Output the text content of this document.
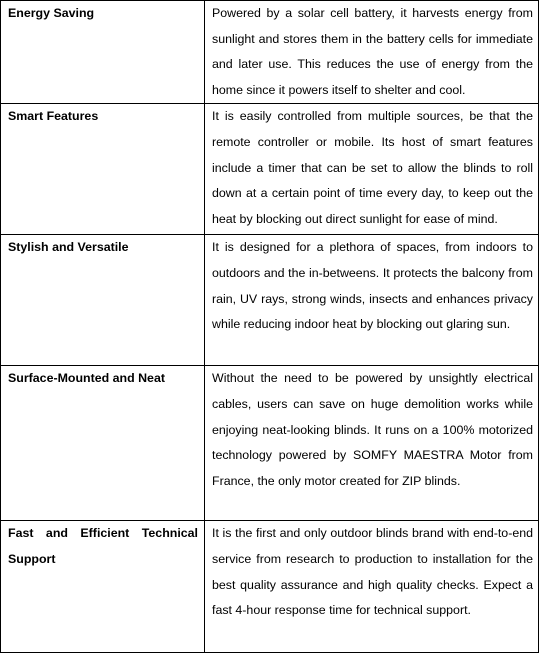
Energy Saving	Powered by a solar cell battery, it harvests energy from sunlight and stores them in the battery cells for immediate and later use. This reduces the use of energy from the home since it powers itself to shelter and cool.
Smart Features	It is easily controlled from multiple sources, be that the remote controller or mobile. Its host of smart features include a timer that can be set to allow the blinds to roll down at a certain point of time every day, to keep out the heat by blocking out direct sunlight for ease of mind.
Stylish and Versatile	It is designed for a plethora of spaces, from indoors to outdoors and the in-betweens. It protects the balcony from rain, UV rays, strong winds, insects and enhances privacy while reducing indoor heat by blocking out glaring sun.
Surface-Mounted and Neat	Without the need to be powered by unsightly electrical cables, users can save on huge demolition works while enjoying neat-looking blinds. It runs on a 100% motorized technology powered by SOMFY MAESTRA Motor from France, the only motor created for ZIP blinds.
Fast and Efficient Technical Support	It is the first and only outdoor blinds brand with end-to-end service from research to production to installation for the best quality assurance and high quality checks. Expect a fast 4-hour response time for technical support.
